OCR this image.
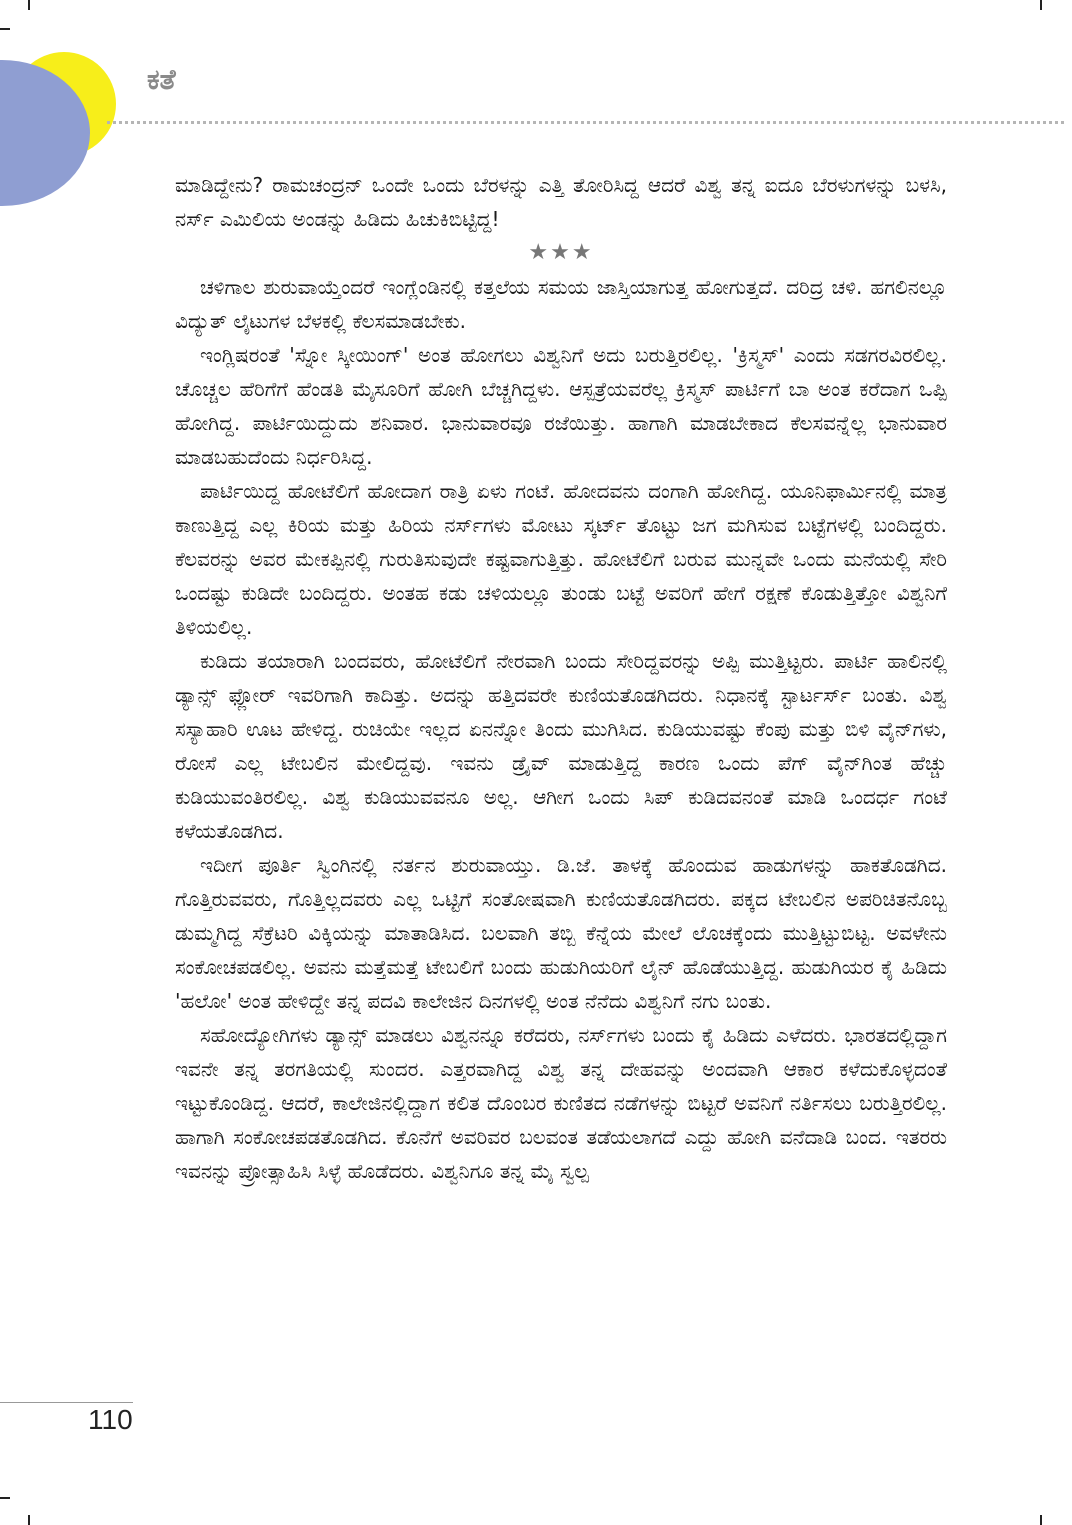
ಕತೆ

ಮಾಡಿದ್ದೇನು? ರಾಮಚಂದ್ರನ್ ಒಂದೇ ಒಂದು ಬೆರಳನ್ನು ಎತ್ತಿ ತೋರಿಸಿದ್ದ ಆದರೆ ವಿಶ್ವ ತನ್ನ ಐದೂ ಬೆರಳುಗಳನ್ನು ಬಳಸಿ, ನರ್ಸ್ ಎಮಿಲಿಯ ಅಂಡನ್ನು ಹಿಡಿದು ಹಿಚುಕಿಬಿಟ್ಟಿದ್ದ!

★★★

ಚಳಿಗಾಲ ಶುರುವಾಯ್ತೆಂದರೆ ಇಂಗ್ಲೆಂಡಿನಲ್ಲಿ ಕತ್ತಲೆಯ ಸಮಯ ಜಾಸ್ತಿಯಾಗುತ್ತ ಹೋಗುತ್ತದೆ. ದರಿದ್ರ ಚಳಿ. ಹಗಲಿನಲ್ಲೂ ವಿದ್ಯುತ್ ಲೈಟುಗಳ ಬೆಳಕಲ್ಲಿ ಕೆಲಸಮಾಡಬೇಕು.

ಇಂಗ್ಲಿಷರಂತೆ 'ಸ್ನೋ ಸ್ಕೀಯಿಂಗ್' ಅಂತ ಹೋಗಲು ವಿಶ್ವನಿಗೆ ಅದು ಬರುತ್ತಿರಲಿಲ್ಲ. 'ಕ್ರಿಸ್ಮಸ್' ಎಂದು ಸಡಗರವಿರಲಿಲ್ಲ. ಚೊಚ್ಚಲ ಹೆರಿಗೆಗೆ ಹೆಂಡತಿ ಮೈಸೂರಿಗೆ ಹೋಗಿ ಬೆಚ್ಚಗಿದ್ದಳು. ಆಸ್ಪತ್ರೆಯವರೆಲ್ಲ ಕ್ರಿಸ್ಮಸ್ ಪಾರ್ಟಿಗೆ ಬಾ ಅಂತ ಕರೆದಾಗ ಒಪ್ಪಿ ಹೋಗಿದ್ದ. ಪಾರ್ಟಿಯಿದ್ದುದು ಶನಿವಾರ. ಭಾನುವಾರವೂ ರಜೆಯಿತ್ತು. ಹಾಗಾಗಿ ಮಾಡಬೇಕಾದ ಕೆಲಸವನ್ನೆಲ್ಲ ಭಾನುವಾರ ಮಾಡಬಹುದೆಂದು ನಿರ್ಧರಿಸಿದ್ದ.

ಪಾರ್ಟಿಯಿದ್ದ ಹೋಟೆಲಿಗೆ ಹೋದಾಗ ರಾತ್ರಿ ಏಳು ಗಂಟೆ. ಹೋದವನು ದಂಗಾಗಿ ಹೋಗಿದ್ದ. ಯೂನಿಫಾರ್ಮಿನಲ್ಲಿ ಮಾತ್ರ ಕಾಣುತ್ತಿದ್ದ ಎಲ್ಲ ಕಿರಿಯ ಮತ್ತು ಹಿರಿಯ ನರ್ಸ್‌ಗಳು ಮೋಟು ಸ್ಕರ್ಟ್ ತೊಟ್ಟು ಜಗ ಮಗಿಸುವ ಬಟ್ಟೆಗಳಲ್ಲಿ ಬಂದಿದ್ದರು. ಕೆಲವರನ್ನು ಅವರ ಮೇಕಪ್ಪಿನಲ್ಲಿ ಗುರುತಿಸುವುದೇ ಕಷ್ಟವಾಗುತ್ತಿತ್ತು. ಹೋಟೆಲಿಗೆ ಬರುವ ಮುನ್ನವೇ ಒಂದು ಮನೆಯಲ್ಲಿ ಸೇರಿ ಒಂದಷ್ಟು ಕುಡಿದೇ ಬಂದಿದ್ದರು. ಅಂತಹ ಕಡು ಚಳಿಯಲ್ಲೂ ತುಂಡು ಬಟ್ಟೆ ಅವರಿಗೆ ಹೇಗೆ ರಕ್ಷಣೆ ಕೊಡುತ್ತಿತ್ತೋ ವಿಶ್ವನಿಗೆ ತಿಳಿಯಲಿಲ್ಲ.

ಕುಡಿದು ತಯಾರಾಗಿ ಬಂದವರು, ಹೋಟೆಲಿಗೆ ನೇರವಾಗಿ ಬಂದು ಸೇರಿದ್ದವರನ್ನು ಅಪ್ಪಿ ಮುತ್ತಿಟ್ಟರು. ಪಾರ್ಟಿ ಹಾಲಿನಲ್ಲಿ ಡ್ಯಾನ್ಸ್ ಫ್ಲೋರ್ ಇವರಿಗಾಗಿ ಕಾದಿತ್ತು. ಅದನ್ನು ಹತ್ತಿದವರೇ ಕುಣಿಯತೊಡಗಿದರು. ನಿಧಾನಕ್ಕೆ ಸ್ಟಾರ್ಟರ್ಸ್ ಬಂತು. ವಿಶ್ವ ಸಸ್ಯಾಹಾರಿ ಊಟ ಹೇಳಿದ್ದ. ರುಚಿಯೇ ಇಲ್ಲದ ಏನನ್ನೋ ತಿಂದು ಮುಗಿಸಿದ. ಕುಡಿಯುವಷ್ಟು ಕೆಂಪು ಮತ್ತು ಬಿಳಿ ವೈನ್‌ಗಳು, ರೋಸೆ ಎಲ್ಲ ಟೇಬಲಿನ ಮೇಲಿದ್ದವು. ಇವನು ಡ್ರೈವ್ ಮಾಡುತ್ತಿದ್ದ ಕಾರಣ ಒಂದು ಪೆಗ್ ವೈನ್‌ಗಿಂತ ಹೆಚ್ಚು ಕುಡಿಯುವಂತಿರಲಿಲ್ಲ. ವಿಶ್ವ ಕುಡಿಯುವವನೂ ಅಲ್ಲ. ಆಗೀಗ ಒಂದು ಸಿಪ್ ಕುಡಿದವನಂತೆ ಮಾಡಿ ಒಂದರ್ಧ ಗಂಟೆ ಕಳೆಯತೊಡಗಿದ.

ಇದೀಗ ಪೂರ್ತಿ ಸ್ವಿಂಗಿನಲ್ಲಿ ನರ್ತನ ಶುರುವಾಯ್ತು. ಡಿ.ಜೆ. ತಾಳಕ್ಕೆ ಹೊಂದುವ ಹಾಡುಗಳನ್ನು ಹಾಕತೊಡಗಿದ. ಗೊತ್ತಿರುವವರು, ಗೊತ್ತಿಲ್ಲದವರು ಎಲ್ಲ ಒಟ್ಟಿಗೆ ಸಂತೋಷವಾಗಿ ಕುಣಿಯತೊಡಗಿದರು. ಪಕ್ಕದ ಟೇಬಲಿನ ಅಪರಿಚಿತನೊಬ್ಬ ಡುಮ್ಮಗಿದ್ದ ಸೆಕ್ರೆಟರಿ ವಿಕ್ಕಿಯನ್ನು ಮಾತಾಡಿಸಿದ. ಬಲವಾಗಿ ತಬ್ಬಿ ಕೆನ್ನೆಯ ಮೇಲೆ ಲೊಚಕ್ಕೆಂದು ಮುತ್ತಿಟ್ಟುಬಿಟ್ಟ. ಅವಳೇನು ಸಂಕೋಚಪಡಲಿಲ್ಲ. ಅವನು ಮತ್ತೆಮತ್ತೆ ಟೇಬಲಿಗೆ ಬಂದು ಹುಡುಗಿಯರಿಗೆ ಲೈನ್ ಹೊಡೆಯುತ್ತಿದ್ದ. ಹುಡುಗಿಯರ ಕೈ ಹಿಡಿದು 'ಹಲೋ' ಅಂತ ಹೇಳಿದ್ದೇ ತನ್ನ ಪದವಿ ಕಾಲೇಜಿನ ದಿನಗಳಲ್ಲಿ ಅಂತ ನೆನೆದು ವಿಶ್ವನಿಗೆ ನಗು ಬಂತು.

ಸಹೋದ್ಯೋಗಿಗಳು ಡ್ಯಾನ್ಸ್ ಮಾಡಲು ವಿಶ್ವನನ್ನೂ ಕರೆದರು, ನರ್ಸ್‌ಗಳು ಬಂದು ಕೈ ಹಿಡಿದು ಎಳೆದರು. ಭಾರತದಲ್ಲಿದ್ದಾಗ ಇವನೇ ತನ್ನ ತರಗತಿಯಲ್ಲಿ ಸುಂದರ. ಎತ್ತರವಾಗಿದ್ದ ವಿಶ್ವ ತನ್ನ ದೇಹವನ್ನು ಅಂದವಾಗಿ ಆಕಾರ ಕಳೆದುಕೊಳ್ಳದಂತೆ ಇಟ್ಟುಕೊಂಡಿದ್ದ. ಆದರೆ, ಕಾಲೇಜಿನಲ್ಲಿದ್ದಾಗ ಕಲಿತ ದೊಂಬರ ಕುಣಿತದ ನಡೆಗಳನ್ನು ಬಿಟ್ಟರೆ ಅವನಿಗೆ ನರ್ತಿಸಲು ಬರುತ್ತಿರಲಿಲ್ಲ. ಹಾಗಾಗಿ ಸಂಕೋಚಪಡತೊಡಗಿದ. ಕೊನೆಗೆ ಅವರಿವರ ಬಲವಂತ ತಡೆಯಲಾಗದೆ ಎದ್ದು ಹೋಗಿ ವನೆದಾಡಿ ಬಂದ. ಇತರರು ಇವನನ್ನು ಪ್ರೋತ್ಸಾಹಿಸಿ ಸಿಳ್ಳೆ ಹೊಡೆದರು. ವಿಶ್ವನಿಗೂ ತನ್ನ ಮೈ ಸ್ವಲ್ಪ

110
